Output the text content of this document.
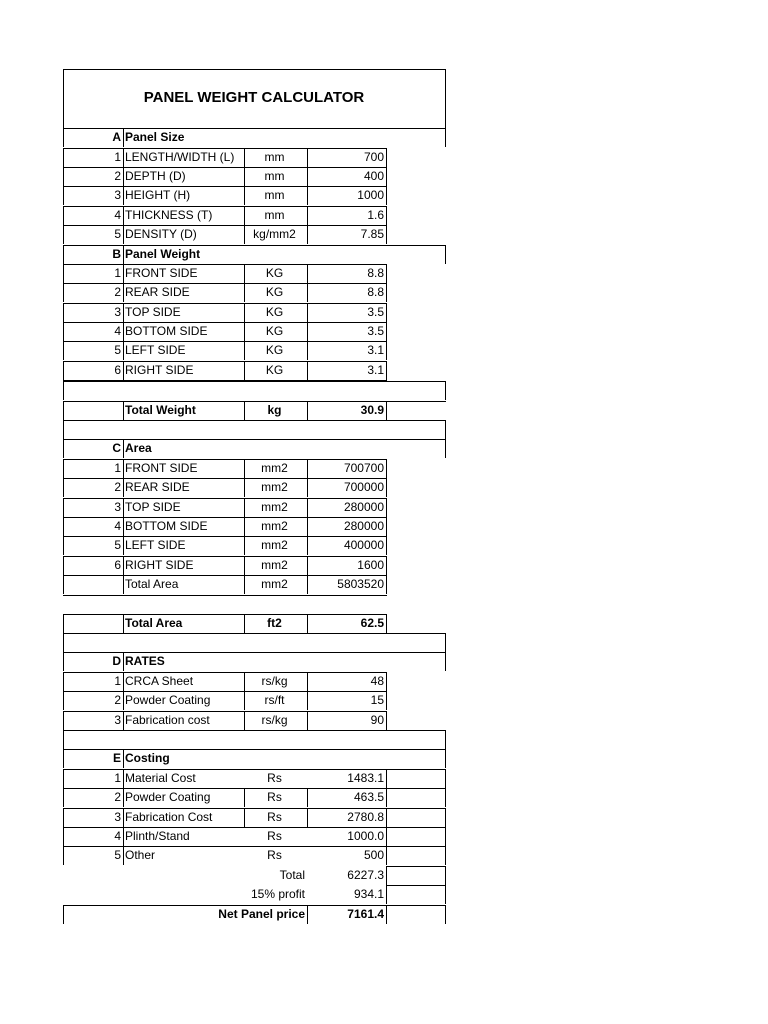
PANEL WEIGHT CALCULATOR
A Panel Size
1 LENGTH/WIDTH (L)	mm	700
2 DEPTH (D)	mm	400
3 HEIGHT (H)	mm	1000
4 THICKNESS (T)	mm	1.6
5 DENSITY (D)	kg/mm2	7.85
B Panel Weight
1 FRONT SIDE	KG	8.8
2 REAR SIDE	KG	8.8
3 TOP SIDE	KG	3.5
4 BOTTOM SIDE	KG	3.5
5 LEFT SIDE	KG	3.1
6 RIGHT SIDE	KG	3.1
Total Weight	kg	30.9
C Area
1 FRONT SIDE	mm2	700700
2 REAR SIDE	mm2	700000
3 TOP SIDE	mm2	280000
4 BOTTOM SIDE	mm2	280000
5 LEFT SIDE	mm2	400000
6 RIGHT SIDE	mm2	1600
Total Area	mm2	5803520
Total Area	ft2	62.5
D RATES
1 CRCA Sheet	rs/kg	48
2 Powder Coating	rs/ft	15
3 Fabrication cost	rs/kg	90
E Costing
1 Material Cost	Rs	1483.1
2 Powder Coating	Rs	463.5
3 Fabrication Cost	Rs	2780.8
4 Plinth/Stand	Rs	1000.0
5 Other	Rs	500
Total	6227.3
15% profit	934.1
Net Panel price	7161.4
